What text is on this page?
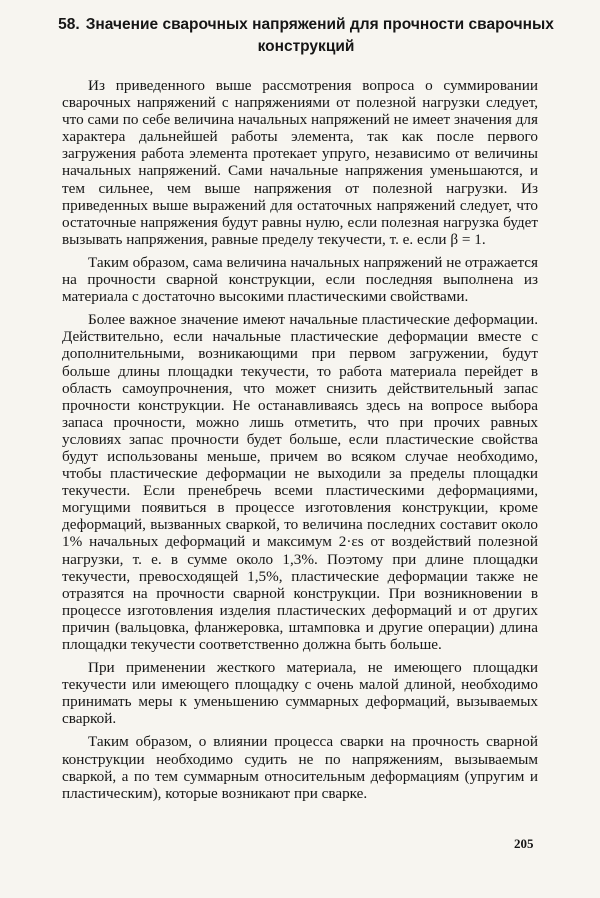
58. Значение сварочных напряжений для прочности сварочных конструкций

Из приведенного выше рассмотрения вопроса о суммировании сварочных напряжений с напряжениями от полезной нагрузки следует, что сами по себе величина начальных напряжений не имеет значения для характера дальнейшей работы элемента, так как после первого загружения работа элемента протекает упруго, независимо от величины начальных напряжений. Сами начальные напряжения уменьшаются, и тем сильнее, чем выше напряжения от полезной нагрузки. Из приведенных выше выражений для остаточных напряжений следует, что остаточные напряжения будут равны нулю, если полезная нагрузка будет вызывать напряжения, равные пределу текучести, т. е. если β = 1.

Таким образом, сама величина начальных напряжений не отражается на прочности сварной конструкции, если последняя выполнена из материала с достаточно высокими пластическими свойствами.

Более важное значение имеют начальные пластические деформации. Действительно, если начальные пластические деформации вместе с дополнительными, возникающими при первом загружении, будут больше длины площадки текучести, то работа материала перейдет в область самоупрочнения, что может снизить действительный запас прочности конструкции. Не останавливаясь здесь на вопросе выбора запаса прочности, можно лишь отметить, что при прочих равных условиях запас прочности будет больше, если пластические свойства будут использованы меньше, причем во всяком случае необходимо, чтобы пластические деформации не выходили за пределы площадки текучести. Если пренебречь всеми пластическими деформациями, могущими появиться в процессе изготовления конструкции, кроме деформаций, вызванных сваркой, то величина последних составит около 1% начальных деформаций и максимум 2·εs от воздействий полезной нагрузки, т. е. в сумме около 1,3%. Поэтому при длине площадки текучести, превосходящей 1,5%, пластические деформации также не отразятся на прочности сварной конструкции. При возникновении в процессе изготовления изделия пластических деформаций и от других причин (вальцовка, фланжеровка, штамповка и другие операции) длина площадки текучести соответственно должна быть больше.

При применении жесткого материала, не имеющего площадки текучести или имеющего площадку с очень малой длиной, необходимо принимать меры к уменьшению суммарных деформаций, вызываемых сваркой.

Таким образом, о влиянии процесса сварки на прочность сварной конструкции необходимо судить не по напряжениям, вызываемым сваркой, а по тем суммарным относительным деформациям (упругим и пластическим), которые возникают при сварке.

205
